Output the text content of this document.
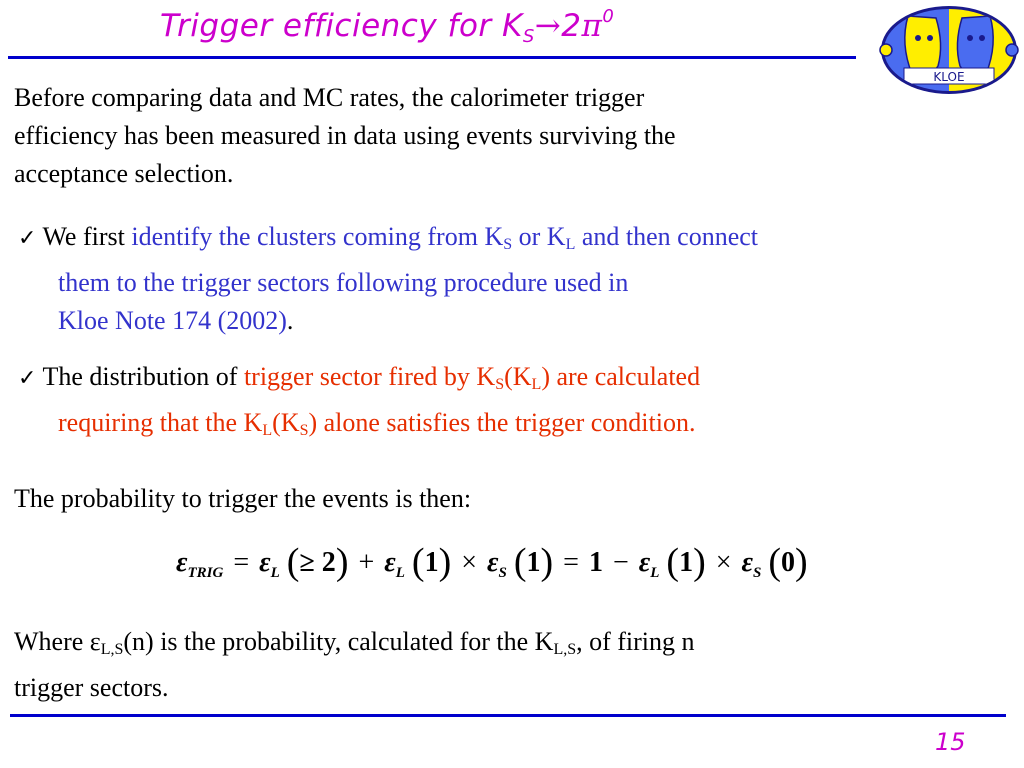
Trigger efficiency for $K_S\to 2\pi^0$
KLOE
Before comparing data and MC rates, the calorimeter trigger
efficiency has been measured in data using events surviving the
acceptance selection.
✓ We first identify the clusters coming from $K_S$ or $K_L$ and then connect
them to the trigger sectors following procedure used in
Kloe Note 174 (2002).
✓ The distribution of trigger sector fired by $K_S(K_L)$ are calculated
requiring that the $K_L(K_S)$ alone satisfies the trigger condition.
The probability to trigger the events is then:
$\varepsilon_{TRIG} = \varepsilon_L$ (≥ $2) + \varepsilon_L$ $(1) \times \varepsilon_S$ $(1) = 1 - \varepsilon_L$ $(1) \times \varepsilon_S$ (0)
Where $\varepsilon_{L,S}(n)$ is the probability, calculated for the $K_{L,S}$, of firing n
trigger sectors.
15
